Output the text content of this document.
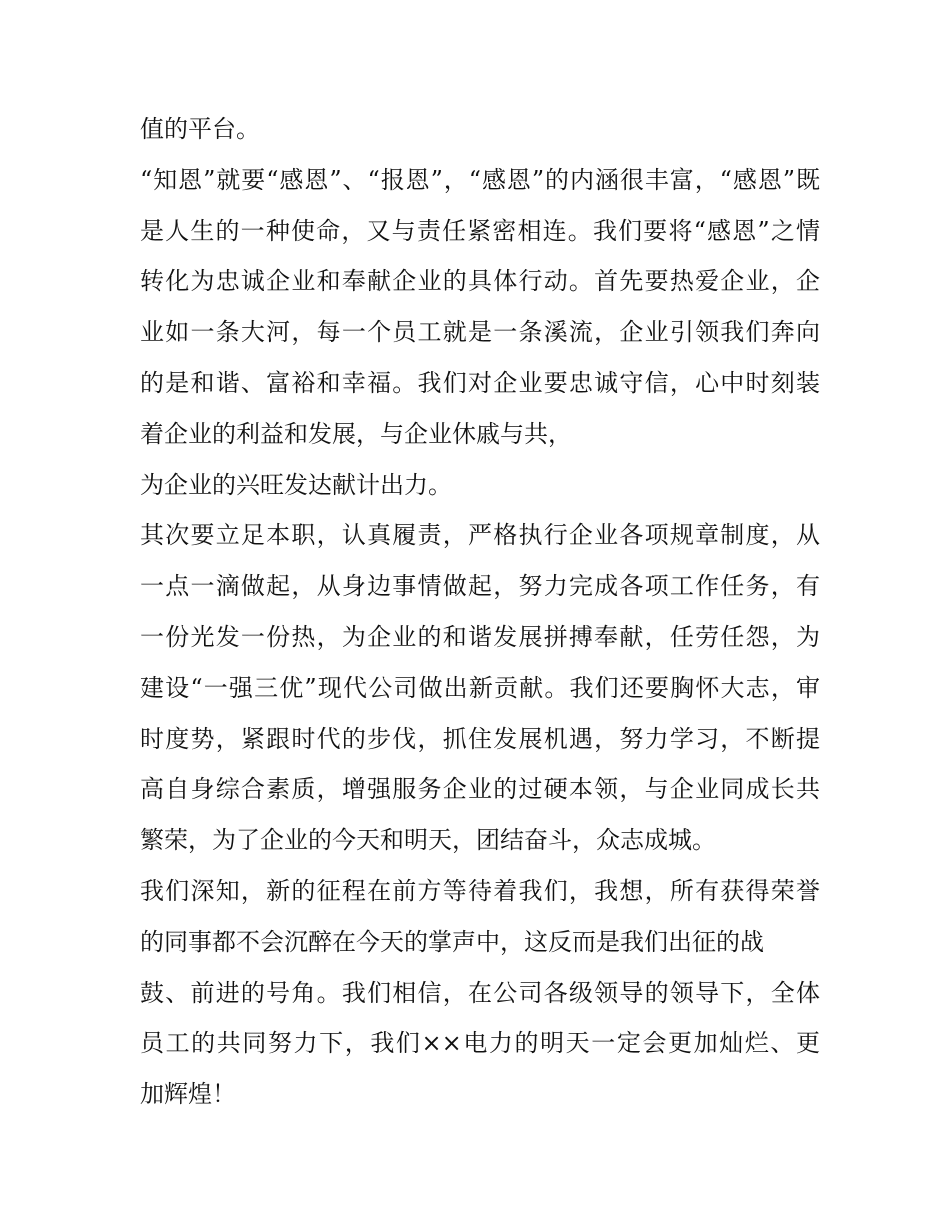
值的平台。
“知恩”就要“感恩”、“报恩”，“感恩”的内涵很丰富，“感恩”既
是人生的一种使命，又与责任紧密相连。我们要将“感恩”之情
转化为忠诚企业和奉献企业的具体行动。首先要热爱企业，企
业如一条大河，每一个员工就是一条溪流，企业引领我们奔向
的是和谐、富裕和幸福。我们对企业要忠诚守信，心中时刻装
着企业的利益和发展，与企业休戚与共，
为企业的兴旺发达献计出力。
其次要立足本职，认真履责，严格执行企业各项规章制度，从
一点一滴做起，从身边事情做起，努力完成各项工作任务，有
一份光发一份热，为企业的和谐发展拼搏奉献，任劳任怨，为
建设“一强三优”现代公司做出新贡献。我们还要胸怀大志，审
时度势，紧跟时代的步伐，抓住发展机遇，努力学习，不断提
高自身综合素质，增强服务企业的过硬本领，与企业同成长共
繁荣，为了企业的今天和明天，团结奋斗，众志成城。
我们深知，新的征程在前方等待着我们，我想，所有获得荣誉
的同事都不会沉醉在今天的掌声中，这反而是我们出征的战
鼓、前进的号角。我们相信，在公司各级领导的领导下，全体
员工的共同努力下，我们××电力的明天一定会更加灿烂、更
加辉煌！
